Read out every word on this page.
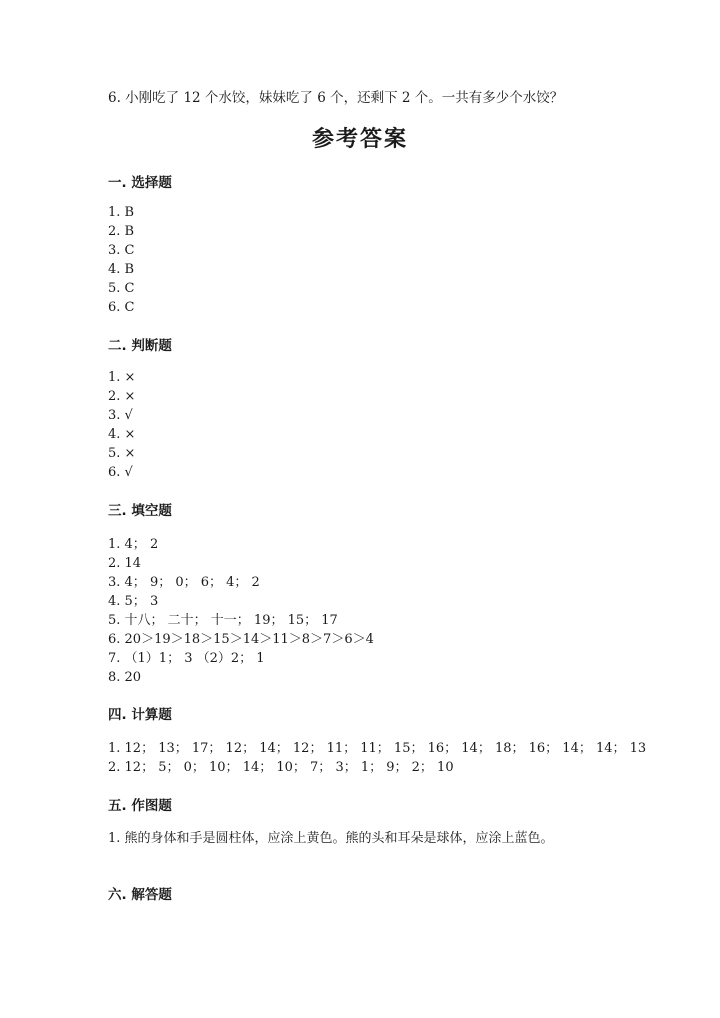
6. 小刚吃了 12 个水饺，妹妹吃了 6 个，还剩下 2 个。一共有多少个水饺？
参考答案
一. 选择题
1. B
2. B
3. C
4. B
5. C
6. C
二. 判断题
1. ×
2. ×
3. √
4. ×
5. ×
6. √
三. 填空题
1. 4； 2
2. 14
3. 4； 9； 0； 6； 4； 2
4. 5； 3
5. 十八； 二十； 十一； 19； 15； 17
6. 20＞19＞18＞15＞14＞11＞8＞7＞6＞4
7. （1）1； 3 （2）2； 1
8. 20
四. 计算题
1. 12； 13； 17； 12； 14； 12； 11； 11； 15； 16； 14； 18； 16； 14； 14； 13
2. 12； 5； 0； 10； 14； 10； 7； 3； 1； 9； 2； 10
五. 作图题
1. 熊的身体和手是圆柱体，应涂上黄色。熊的头和耳朵是球体，应涂上蓝色。
六. 解答题
